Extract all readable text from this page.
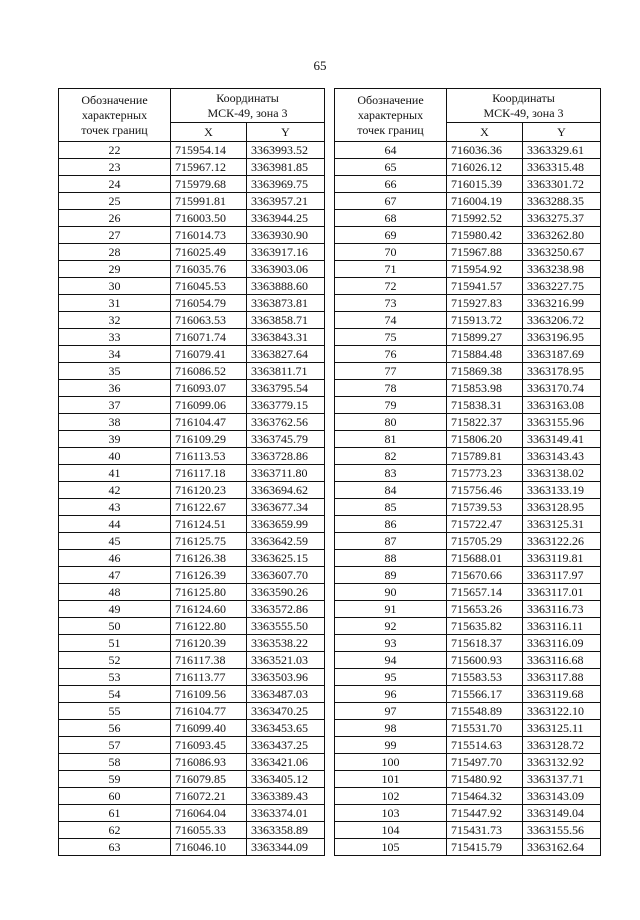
65
Обозначение характерных точек границ	Координаты
МСК-49, зона 3	

	X	Y
22	715954.14	3363993.52
23	715967.12	3363981.85
24	715979.68	3363969.75
25	715991.81	3363957.21
26	716003.50	3363944.25
27	716014.73	3363930.90
28	716025.49	3363917.16
29	716035.76	3363903.06
30	716045.53	3363888.60
31	716054.79	3363873.81
32	716063.53	3363858.71
33	716071.74	3363843.31
34	716079.41	3363827.64
35	716086.52	3363811.71
36	716093.07	3363795.54
37	716099.06	3363779.15
38	716104.47	3363762.56
39	716109.29	3363745.79
40	716113.53	3363728.86
41	716117.18	3363711.80
42	716120.23	3363694.62
43	716122.67	3363677.34
44	716124.51	3363659.99
45	716125.75	3363642.59
46	716126.38	3363625.15
47	716126.39	3363607.70
48	716125.80	3363590.26
49	716124.60	3363572.86
50	716122.80	3363555.50
51	716120.39	3363538.22
52	716117.38	3363521.03
53	716113.77	3363503.96
54	716109.56	3363487.03
55	716104.77	3363470.25
56	716099.40	3363453.65
57	716093.45	3363437.25
58	716086.93	3363421.06
59	716079.85	3363405.12
60	716072.21	3363389.43
61	716064.04	3363374.01
62	716055.33	3363358.89
63	716046.10	3363344.09
Обозначение характерных точек границ	Координаты
МСК-49, зона 3	

	X	Y
64	716036.36	3363329.61
65	716026.12	3363315.48
66	716015.39	3363301.72
67	716004.19	3363288.35
68	715992.52	3363275.37
69	715980.42	3363262.80
70	715967.88	3363250.67
71	715954.92	3363238.98
72	715941.57	3363227.75
73	715927.83	3363216.99
74	715913.72	3363206.72
75	715899.27	3363196.95
76	715884.48	3363187.69
77	715869.38	3363178.95
78	715853.98	3363170.74
79	715838.31	3363163.08
80	715822.37	3363155.96
81	715806.20	3363149.41
82	715789.81	3363143.43
83	715773.23	3363138.02
84	715756.46	3363133.19
85	715739.53	3363128.95
86	715722.47	3363125.31
87	715705.29	3363122.26
88	715688.01	3363119.81
89	715670.66	3363117.97
90	715657.14	3363117.01
91	715653.26	3363116.73
92	715635.82	3363116.11
93	715618.37	3363116.09
94	715600.93	3363116.68
95	715583.53	3363117.88
96	715566.17	3363119.68
97	715548.89	3363122.10
98	715531.70	3363125.11
99	715514.63	3363128.72
100	715497.70	3363132.92
101	715480.92	3363137.71
102	715464.32	3363143.09
103	715447.92	3363149.04
104	715431.73	3363155.56
105	715415.79	3363162.64
